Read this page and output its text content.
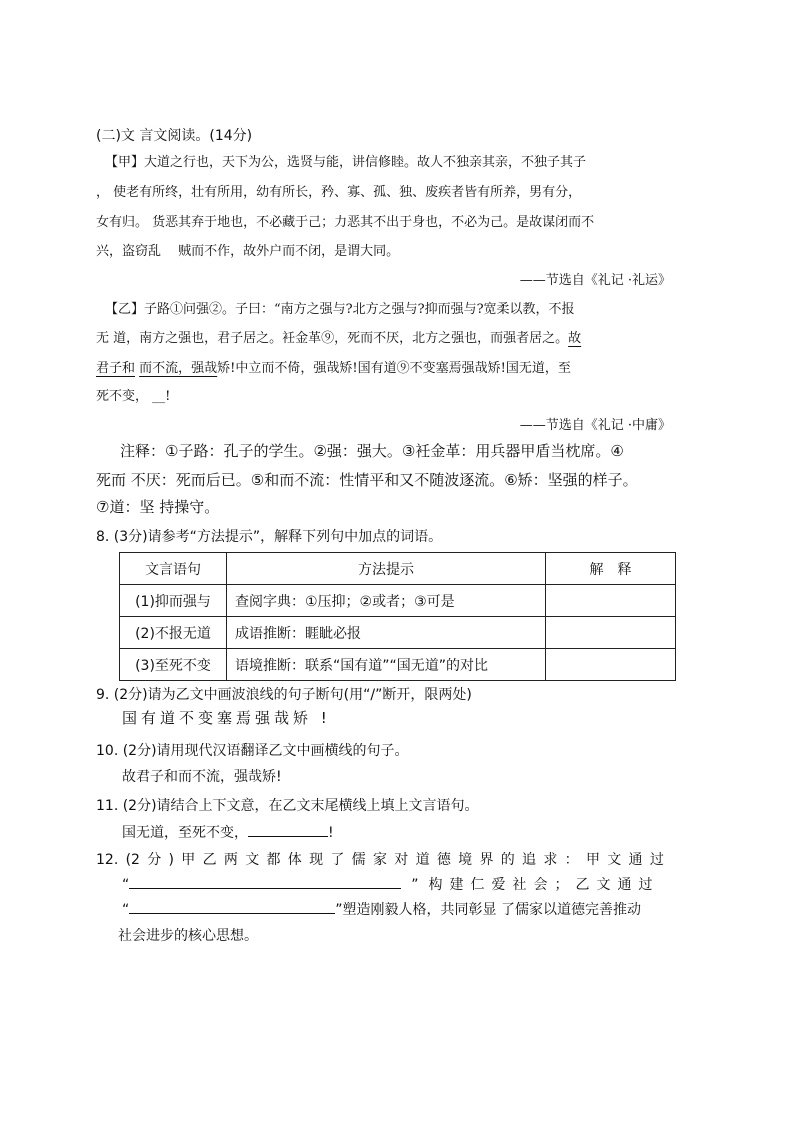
(二)文 言文阅读。(14分)
【甲】大道之行也，天下为公，选贤与能，讲信修睦。故人不独亲其亲，不独子其子
， 使老有所终，壮有所用，幼有所长，矜、寡、孤、独、废疾者皆有所养，男有分，
女有归。 货恶其弃于地也，不必藏于己；力恶其不出于身也，不必为己。是故谋闭而不
兴，盗窃乱 　贼而不作，故外户而不闭，是谓大同。
——节选自《礼记 ·礼运》
【乙】子路①问强②。子曰：“南方之强与?北方之强与?抑而强与?宽柔以教，不报
无 道，南方之强也，君子居之。衽金革⑨，死而不厌，北方之强也，而强者居之。故
君子和 而不流，强哉矫!中立而不倚，强哉矫!国有道⑨不变塞焉强哉矫!国无道，至
死不变， __!
——节选自《礼记 ·中庸》
注释：①子路：孔子的学生。②强：强大。③衽金革：用兵器甲盾当枕席。④
死而 不厌：死而后已。⑤和而不流：性情平和又不随波逐流。⑥矫：坚强的样子。
⑦道：坚 持操守。
8. (3分)请参考“方法提示”，解释下列句中加点的词语。
文言语句	方法提示	解　释
(1)抑而强与	查阅字典：①压抑；②或者；③可是	
(2)不报无道	成语推断：睚眦必报	
(3)至死不变	语境推断：联系“国有道”“国无道”的对比	
9. (2分)请为乙文中画波浪线的句子断句(用“/”断开，限两处)
国有道不变塞焉强哉矫 !
10. (2分)请用现代汉语翻译乙文中画横线的句子。
故君子和而不流，强哉矫!
11. (2分)请结合上下文意，在乙文末尾横线上填上文言语句。
国无道，至死不变，	!
12. (2 分 ) 甲 乙 两 文 都 体 现 了 儒 家 对 道 德 境 界 的 追 求 ： 甲 文 通 过
“	” 构建仁爱社会；乙文通过
“	”塑造刚毅人格，共同彰显 了儒家以道德完善推动
社会进步的核心思想。
